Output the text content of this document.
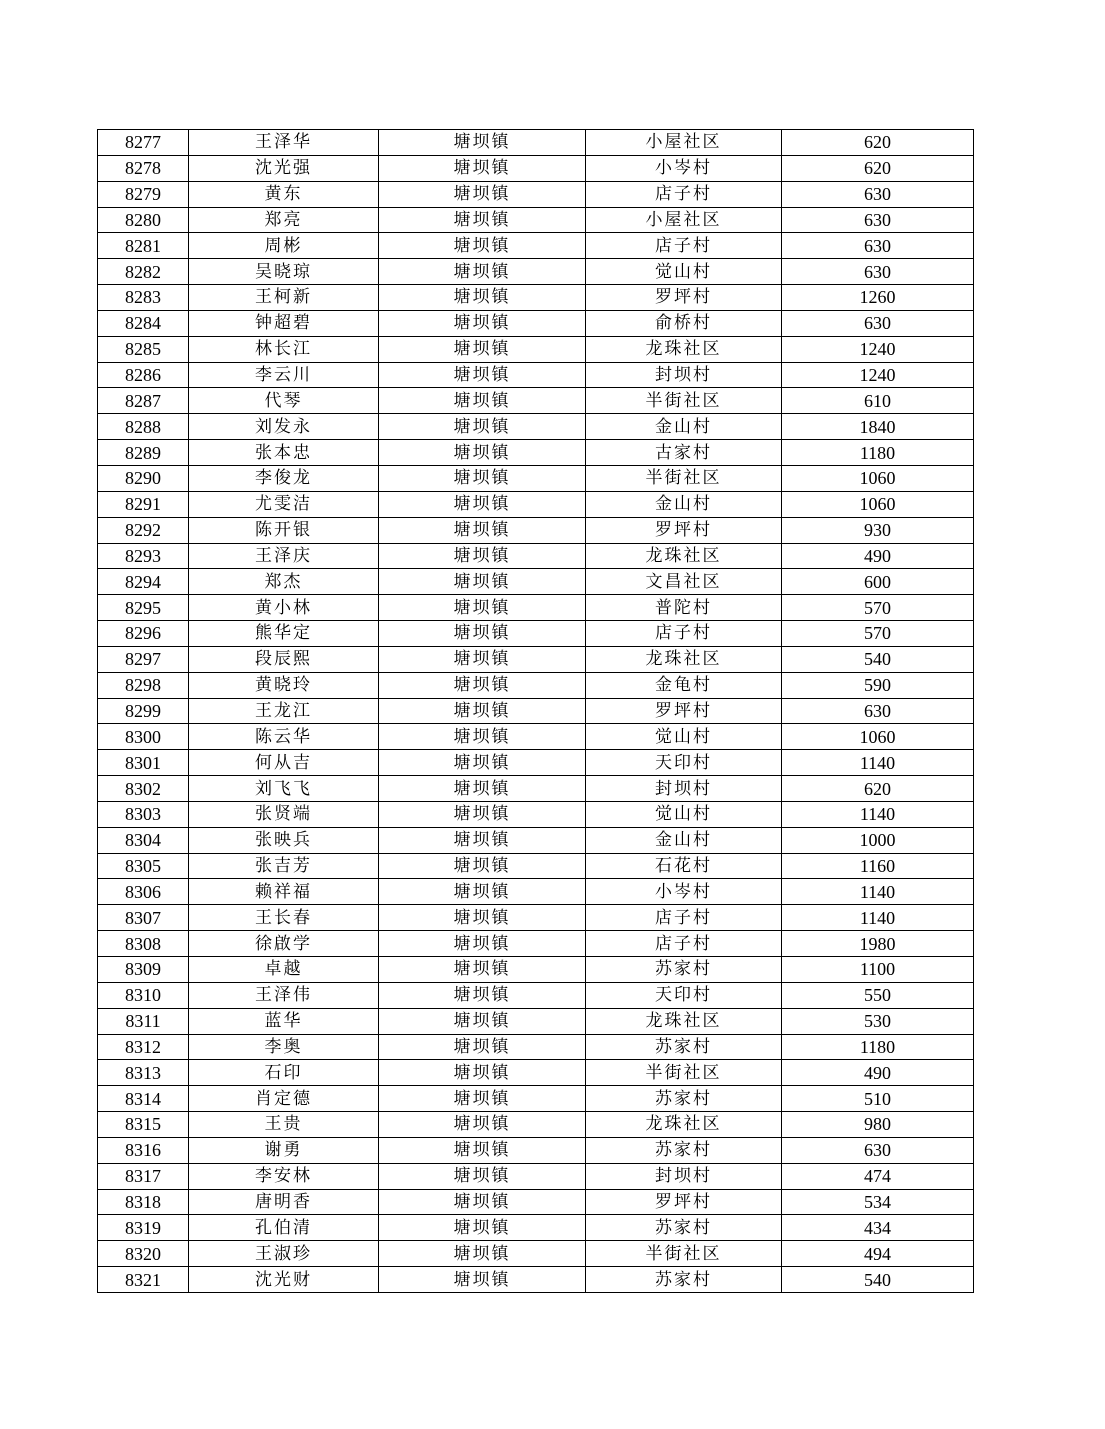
8277	王泽华	塘坝镇	小屋社区	620
8278	沈光强	塘坝镇	小岑村	620
8279	黄东	塘坝镇	店子村	630
8280	郑亮	塘坝镇	小屋社区	630
8281	周彬	塘坝镇	店子村	630
8282	吴晓琼	塘坝镇	觉山村	630
8283	王柯新	塘坝镇	罗坪村	1260
8284	钟超碧	塘坝镇	俞桥村	630
8285	林长江	塘坝镇	龙珠社区	1240
8286	李云川	塘坝镇	封坝村	1240
8287	代琴	塘坝镇	半街社区	610
8288	刘发永	塘坝镇	金山村	1840
8289	张本忠	塘坝镇	古家村	1180
8290	李俊龙	塘坝镇	半街社区	1060
8291	尤雯洁	塘坝镇	金山村	1060
8292	陈开银	塘坝镇	罗坪村	930
8293	王泽庆	塘坝镇	龙珠社区	490
8294	郑杰	塘坝镇	文昌社区	600
8295	黄小林	塘坝镇	普陀村	570
8296	熊华定	塘坝镇	店子村	570
8297	段辰熙	塘坝镇	龙珠社区	540
8298	黄晓玲	塘坝镇	金龟村	590
8299	王龙江	塘坝镇	罗坪村	630
8300	陈云华	塘坝镇	觉山村	1060
8301	何从吉	塘坝镇	天印村	1140
8302	刘飞飞	塘坝镇	封坝村	620
8303	张贤端	塘坝镇	觉山村	1140
8304	张映兵	塘坝镇	金山村	1000
8305	张吉芳	塘坝镇	石花村	1160
8306	赖祥福	塘坝镇	小岑村	1140
8307	王长春	塘坝镇	店子村	1140
8308	徐啟学	塘坝镇	店子村	1980
8309	卓越	塘坝镇	苏家村	1100
8310	王泽伟	塘坝镇	天印村	550
8311	蓝华	塘坝镇	龙珠社区	530
8312	李奥	塘坝镇	苏家村	1180
8313	石印	塘坝镇	半街社区	490
8314	肖定德	塘坝镇	苏家村	510
8315	王贵	塘坝镇	龙珠社区	980
8316	谢勇	塘坝镇	苏家村	630
8317	李安林	塘坝镇	封坝村	474
8318	唐明香	塘坝镇	罗坪村	534
8319	孔伯清	塘坝镇	苏家村	434
8320	王淑珍	塘坝镇	半街社区	494
8321	沈光财	塘坝镇	苏家村	540
